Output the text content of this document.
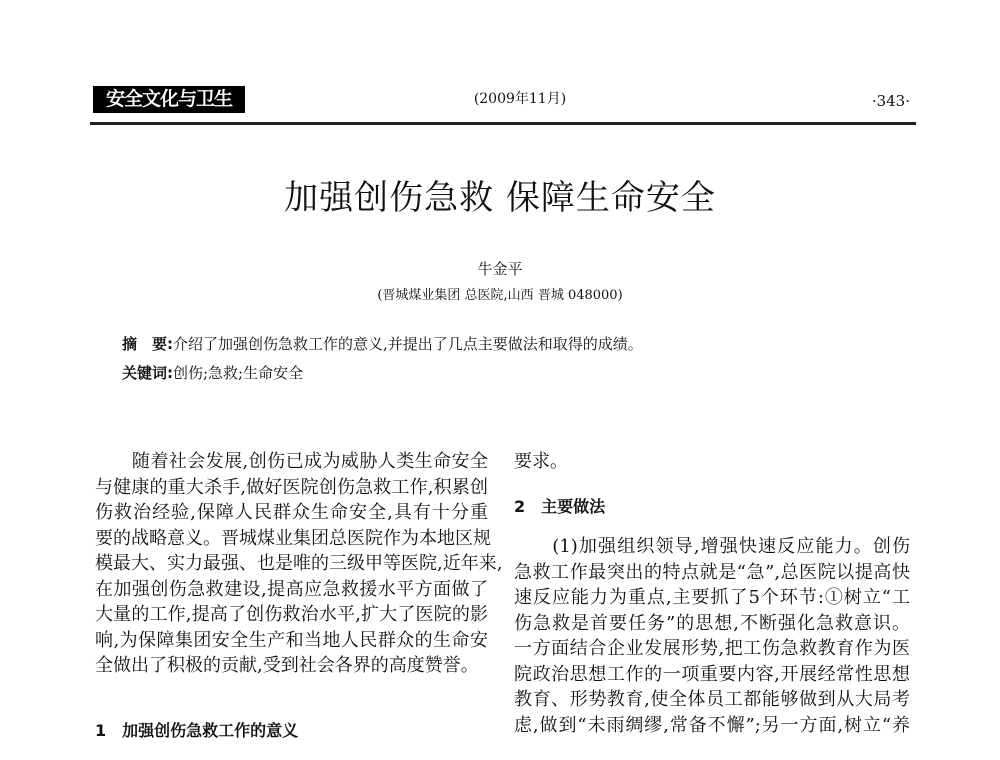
安全文化与卫生	(2009年11月)	·343·
加强创伤急救 保障生命安全
牛金平
(晋城煤业集团 总医院,山西 晋城 048000)
摘　要:介绍了加强创伤急救工作的意义,并提出了几点主要做法和取得的成绩。
关键词:创伤;急救;生命安全
　　随着社会发展,创伤已成为威胁人类生命安全
与健康的重大杀手,做好医院创伤急救工作,积累创
伤救治经验,保障人民群众生命安全,具有十分重
要的战略意义。晋城煤业集团总医院作为本地区规
模最大、实力最强、也是唯的三级甲等医院,近年来,
在加强创伤急救建设,提高应急救援水平方面做了
大量的工作,提高了创伤救治水平,扩大了医院的影
响,为保障集团安全生产和当地人民群众的生命安
全做出了积极的贡献,受到社会各界的高度赞誉。
1　加强创伤急救工作的意义
要求。
2　主要做法
　　(1)加强组织领导,增强快速反应能力。创伤
急救工作最突出的特点就是“急”,总医院以提高快
速反应能力为重点,主要抓了5个环节:①树立“工
伤急救是首要任务”的思想,不断强化急救意识。
一方面结合企业发展形势,把工伤急救教育作为医
院政治思想工作的一项重要内容,开展经常性思想
教育、形势教育,使全体员工都能够做到从大局考
虑,做到“未雨绸缪,常备不懈”;另一方面,树立“养
